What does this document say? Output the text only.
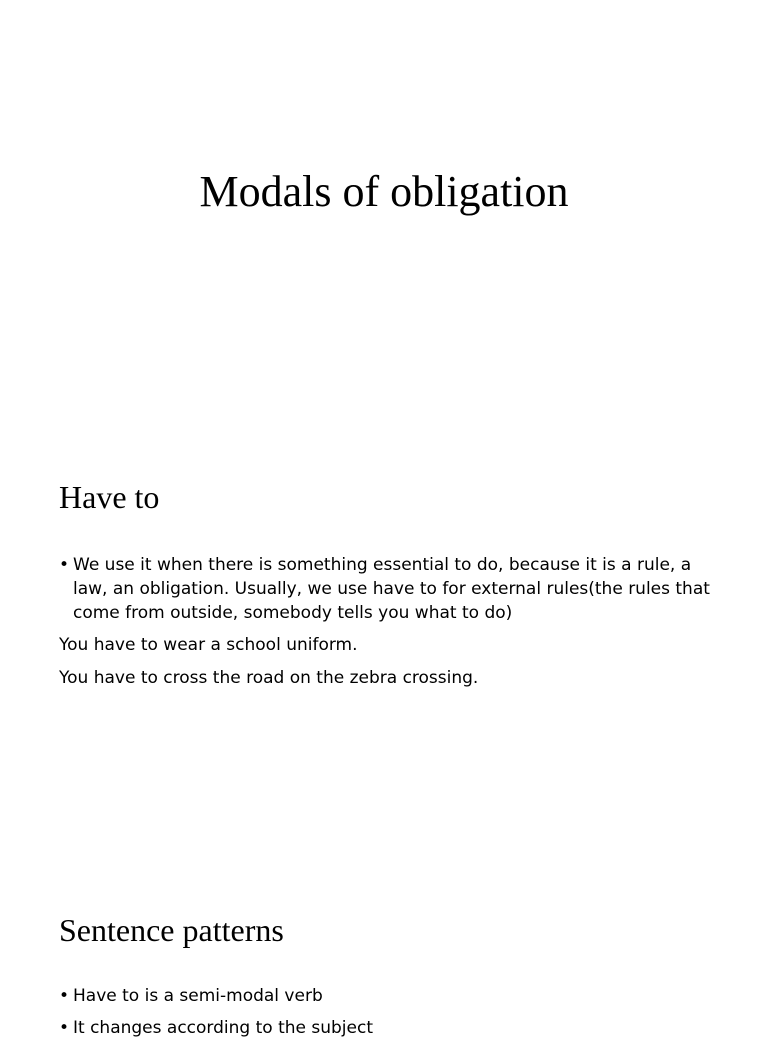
Modals of obligation
Have to
• We use it when there is something essential to do, because it is a rule, a law, an obligation. Usually, we use have to for external rules(the rules that come from outside, somebody tells you what to do)

You have to wear a school uniform.

You have to cross the road on the zebra crossing.

Sentence patterns
• Have to is a semi-modal verb
• It changes according to the subject
